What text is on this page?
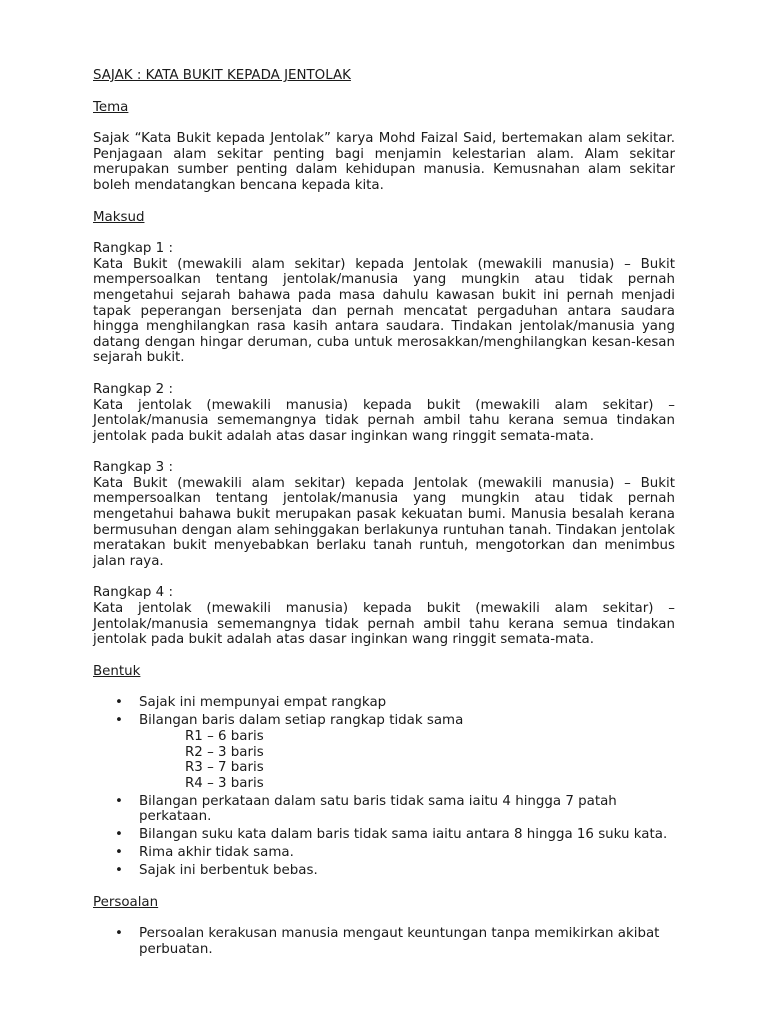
SAJAK : KATA BUKIT KEPADA JENTOLAK
Tema

Sajak “Kata Bukit kepada Jentolak” karya Mohd Faizal Said, bertemakan alam sekitar. Penjagaan alam sekitar penting bagi menjamin kelestarian alam. Alam sekitar merupakan sumber penting dalam kehidupan manusia. Kemusnahan alam sekitar boleh mendatangkan bencana kepada kita.

Maksud
Rangkap 1 :
Kata Bukit (mewakili alam sekitar) kepada Jentolak (mewakili manusia) – Bukit mempersoalkan tentang jentolak/manusia yang mungkin atau tidak pernah mengetahui sejarah bahawa pada masa dahulu kawasan bukit ini pernah menjadi tapak peperangan bersenjata dan pernah mencatat pergaduhan antara saudara hingga menghilangkan rasa kasih antara saudara. Tindakan jentolak/manusia yang datang dengan hingar deruman, cuba untuk merosakkan/menghilangkan kesan-kesan sejarah bukit.
Rangkap 2 :
Kata jentolak (mewakili manusia) kepada bukit (mewakili alam sekitar) – Jentolak/manusia sememangnya tidak pernah ambil tahu kerana semua tindakan jentolak pada bukit adalah atas dasar inginkan wang ringgit semata-mata.
Rangkap 3 :
Kata Bukit (mewakili alam sekitar) kepada Jentolak (mewakili manusia) – Bukit mempersoalkan tentang jentolak/manusia yang mungkin atau tidak pernah mengetahui bahawa bukit merupakan pasak kekuatan bumi. Manusia besalah kerana bermusuhan dengan alam sehinggakan berlakunya runtuhan tanah. Tindakan jentolak meratakan bukit menyebabkan berlaku tanah runtuh, mengotorkan dan menimbus jalan raya.
Rangkap 4 :
Kata jentolak (mewakili manusia) kepada bukit (mewakili alam sekitar) – Jentolak/manusia sememangnya tidak pernah ambil tahu kerana semua tindakan jentolak pada bukit adalah atas dasar inginkan wang ringgit semata-mata.
Bentuk
• Sajak ini mempunyai empat rangkap
• Bilangan baris dalam setiap rangkap tidak sama
R1 – 6 baris
R2 – 3 baris
R3 – 7 baris
R4 – 3 baris
• Bilangan perkataan dalam satu baris tidak sama iaitu 4 hingga 7 patah perkataan.
• Bilangan suku kata dalam baris tidak sama iaitu antara 8 hingga 16 suku kata.
• Rima akhir tidak sama.
• Sajak ini berbentuk bebas.
Persoalan
• Persoalan kerakusan manusia mengaut keuntungan tanpa memikirkan akibat perbuatan.
